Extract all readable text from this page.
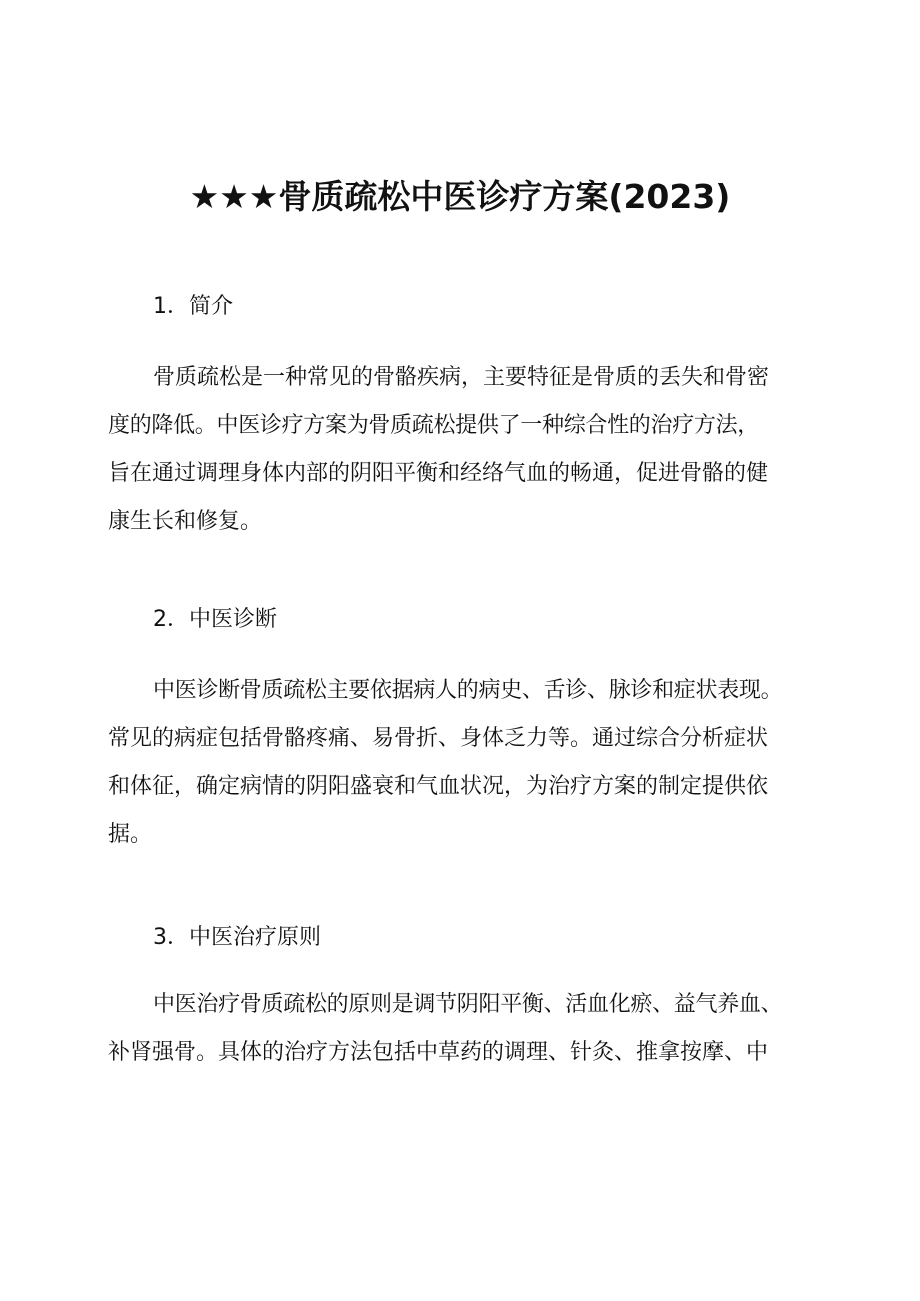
★★★骨质疏松中医诊疗方案(2023)

1．简介

骨质疏松是一种常见的骨骼疾病，主要特征是骨质的丢失和骨密
度的降低。中医诊疗方案为骨质疏松提供了一种综合性的治疗方法，
旨在通过调理身体内部的阴阳平衡和经络气血的畅通，促进骨骼的健
康生长和修复。

2．中医诊断

中医诊断骨质疏松主要依据病人的病史、舌诊、脉诊和症状表现。
常见的病症包括骨骼疼痛、易骨折、身体乏力等。通过综合分析症状
和体征，确定病情的阴阳盛衰和气血状况，为治疗方案的制定提供依
据。

3．中医治疗原则

中医治疗骨质疏松的原则是调节阴阳平衡、活血化瘀、益气养血、
补肾强骨。具体的治疗方法包括中草药的调理、针灸、推拿按摩、中
